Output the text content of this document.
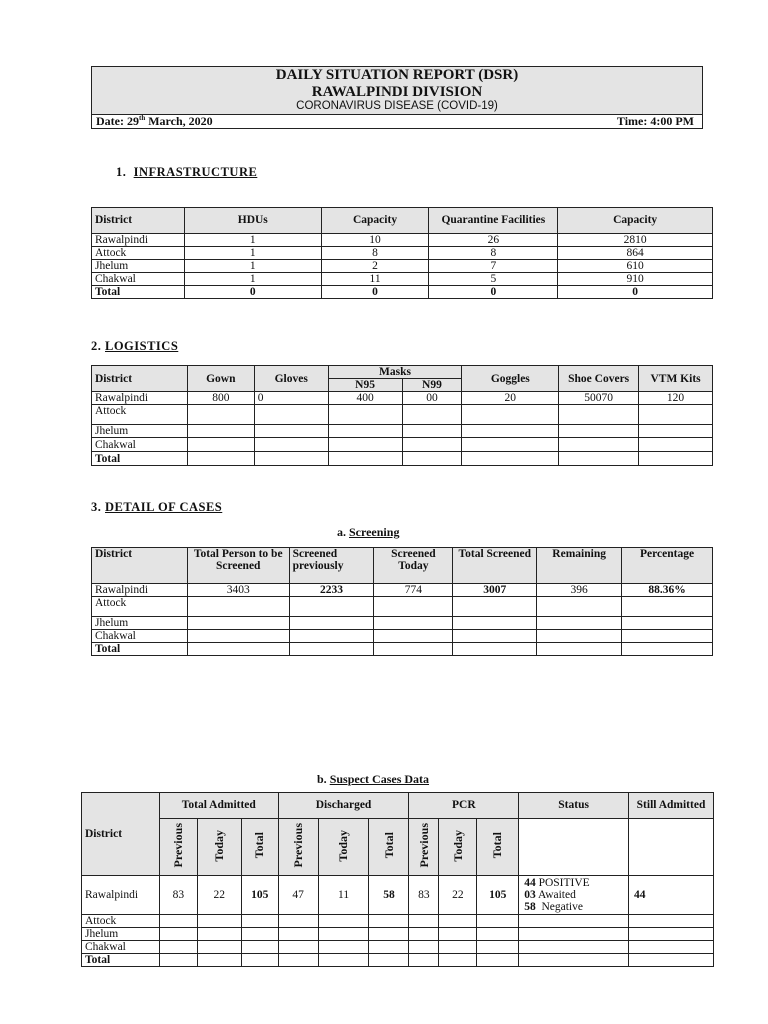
DAILY SITUATION REPORT (DSR)
RAWALPINDI DIVISION
CORONAVIRUS DISEASE (COVID-19)
Date: 29th March, 2020	Time: 4:00 PM
1. INFRASTRUCTURE
District	HDUs	Capacity	Quarantine Facilities	Capacity
Rawalpindi	1	10	26	2810
Attock	1	8	8	864
Jhelum	1	2	7	610
Chakwal	1	11	5	910
Total	0	0	0	0
2. LOGISTICS
District	Gown	Gloves	Masks		Goggles	Shoe Covers	VTM Kits
			N95	N99			
Rawalpindi	800	0	400	00	20	50070	120
Attock							
Jhelum							
Chakwal							
Total							
3. DETAIL OF CASES
a. Screening
District	Total Person to be Screened	Screened previously	Screened Today	Total Screened	Remaining	Percentage
Rawalpindi	3403	2233	774	3007	396	88.36%
Attock						
Jhelum						
Chakwal						
Total						
b. Suspect Cases Data
District	Total Admitted			Discharged			PCR			Status	Still Admitted
	Previous	Today	Total	Previous	Today	Total	Previous	Today	Total		
Rawalpindi	83	22	105	47	11	58	83	22	105	44 POSITIVE
03 Awaited
58  Negative	44
Attock											
Jhelum											
Chakwal											
Total											
